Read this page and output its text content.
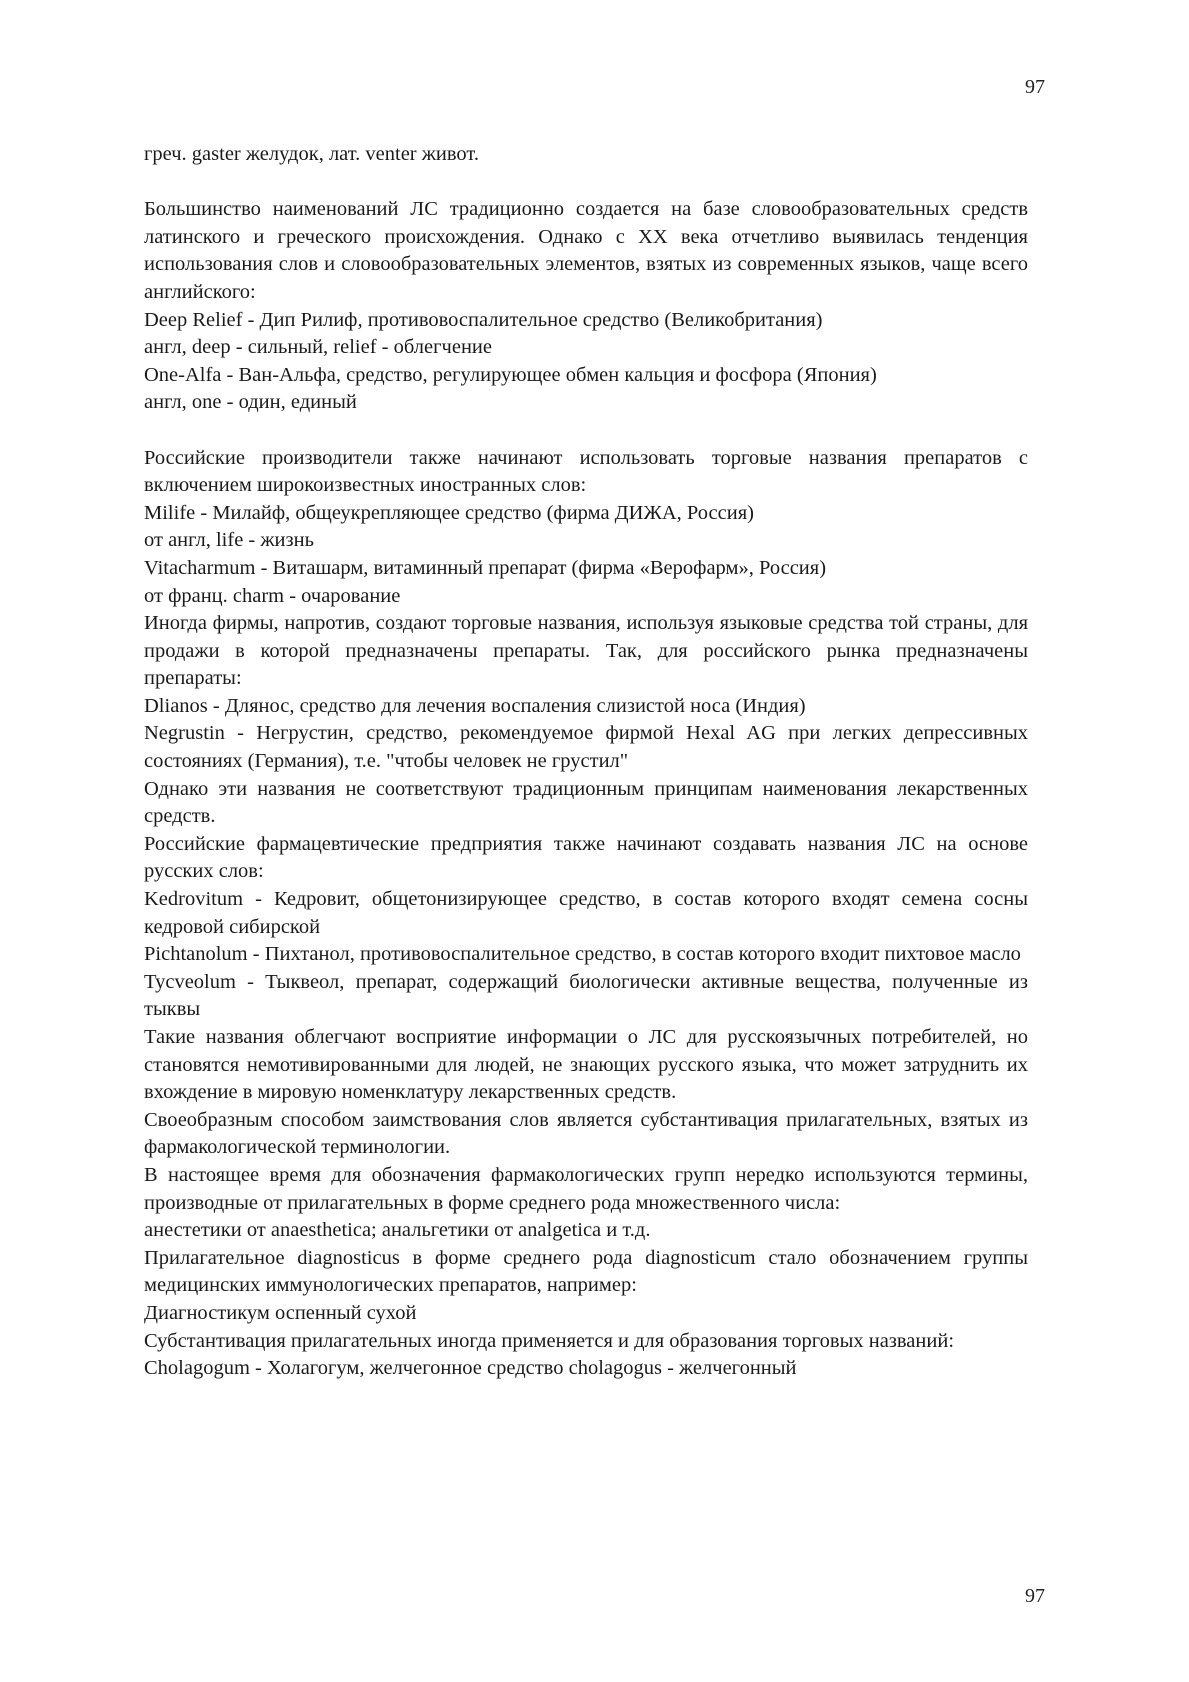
97

греч. gaster желудок, лат. venter живот.

Большинство наименований ЛС традиционно создается на базе словообразовательных средств латинского и греческого происхождения. Однако с XX века отчетливо выявилась тенденция использования слов и словообразовательных элементов, взятых из современных языков, чаще всего английского:

Deep Relief - Дип Рилиф, противовоспалительное средство (Великобритания)

англ, deep - сильный, relief - облегчение

One-Alfa - Ван-Альфа, средство, регулирующее обмен кальция и фосфора (Япония)

англ, one - один, единый

Российские производители также начинают использовать торговые названия препаратов с включением широкоизвестных иностранных слов:

Milife - Милайф, общеукрепляющее средство (фирма ДИЖА, Россия)

от англ, life - жизнь

Vitacharmum - Виташарм, витаминный препарат (фирма «Верофарм», Россия)

от франц. charm - очарование

Иногда фирмы, напротив, создают торговые названия, используя языковые средства той страны, для продажи в которой предназначены препараты. Так, для российского рынка предназначены препараты:

Dlianos - Длянос, средство для лечения воспаления слизистой носа (Индия)

Negrustin - Негрустин, средство, рекомендуемое фирмой Hexal AG при легких депрессивных состояниях (Германия), т.е. "чтобы человек не грустил"

Однако эти названия не соответствуют традиционным принципам наименования лекарственных средств.

Российские фармацевтические предприятия также начинают создавать названия ЛС на основе русских слов:

Kedrovitum - Кедровит, общетонизирующее средство, в состав которого входят семена сосны кедровой сибирской

Pichtanolum - Пихтанол, противовоспалительное средство, в состав которого входит пихтовое масло

Tycveolum - Тыквеол, препарат, содержащий биологически активные вещества, полученные из тыквы

Такие названия облегчают восприятие информации о ЛС для русскоязычных потребителей, но становятся немотивированными для людей, не знающих русского языка, что может затруднить их вхождение в мировую номенклатуру лекарственных средств.

Своеобразным способом заимствования слов является субстантивация прилагательных, взятых из фармакологической терминологии.

В настоящее время для обозначения фармакологических групп нередко используются термины, производные от прилагательных в форме среднего рода множественного числа:

анестетики от anaesthetica; анальгетики от analgetica и т.д.

Прилагательное diagnosticus в форме среднего рода diagnosticum стало обозначением группы медицинских иммунологических препаратов, например:

Диагностикум оспенный сухой

Субстантивация прилагательных иногда применяется и для образования торговых названий:

Cholagogum - Холагогум, желчегонное средство cholagogus - желчегонный

97
